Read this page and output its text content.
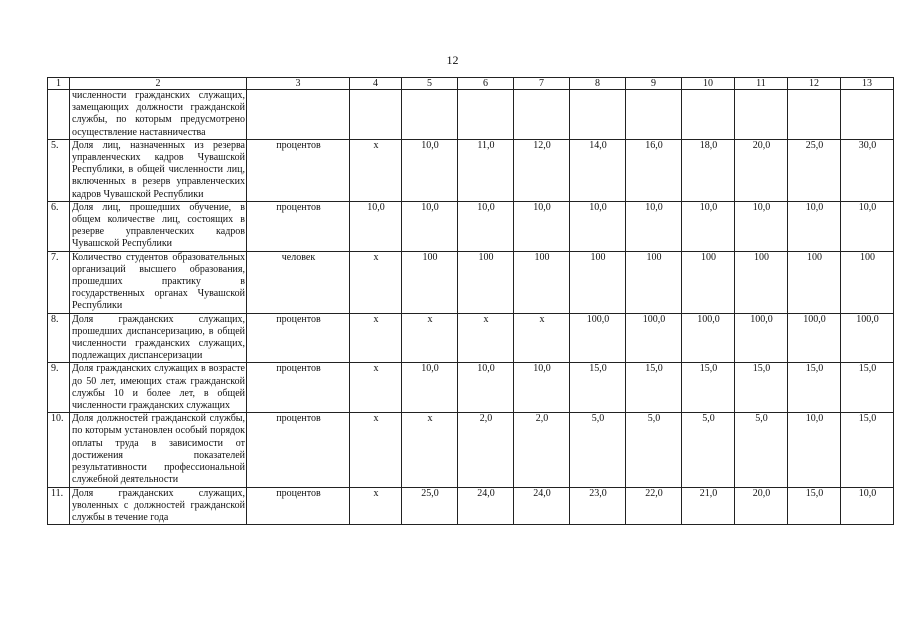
12
1	2	3	4	5	6	7	8	9	10	11	12	13
	численности гражданских служащих, замещающих должности гражданской службы, по которым предусмотрено осуществление наставничества											
5.	Доля лиц, назначенных из резерва управленческих кадров Чувашской Республики, в общей численности лиц, включенных в резерв управленческих кадров Чувашской Республики	процентов	x	10,0	11,0	12,0	14,0	16,0	18,0	20,0	25,0	30,0
6.	Доля лиц, прошедших обучение, в общем количестве лиц, состоящих в резерве управленческих кадров Чувашской Республики	процентов	10,0	10,0	10,0	10,0	10,0	10,0	10,0	10,0	10,0	10,0
7.	Количество студентов образовательных организаций высшего образования, прошедших практику в государственных органах Чувашской Республики	человек	x	100	100	100	100	100	100	100	100	100
8.	Доля гражданских служащих, прошедших диспансеризацию, в общей численности гражданских служащих, подлежащих диспансеризации	процентов	x	x	x	x	100,0	100,0	100,0	100,0	100,0	100,0
9.	Доля гражданских служащих в возрасте до 50 лет, имеющих стаж гражданской службы 10 и более лет, в общей численности гражданских служащих	процентов	x	10,0	10,0	10,0	15,0	15,0	15,0	15,0	15,0	15,0
10.	Доля должностей гражданской службы, по которым установлен особый порядок оплаты труда в зависимости от достижения показателей результативности профессиональной служебной деятельности	процентов	x	x	2,0	2,0	5,0	5,0	5,0	5,0	10,0	15,0
11.	Доля гражданских служащих, уволенных с должностей гражданской службы в течение года	процентов	x	25,0	24,0	24,0	23,0	22,0	21,0	20,0	15,0	10,0
